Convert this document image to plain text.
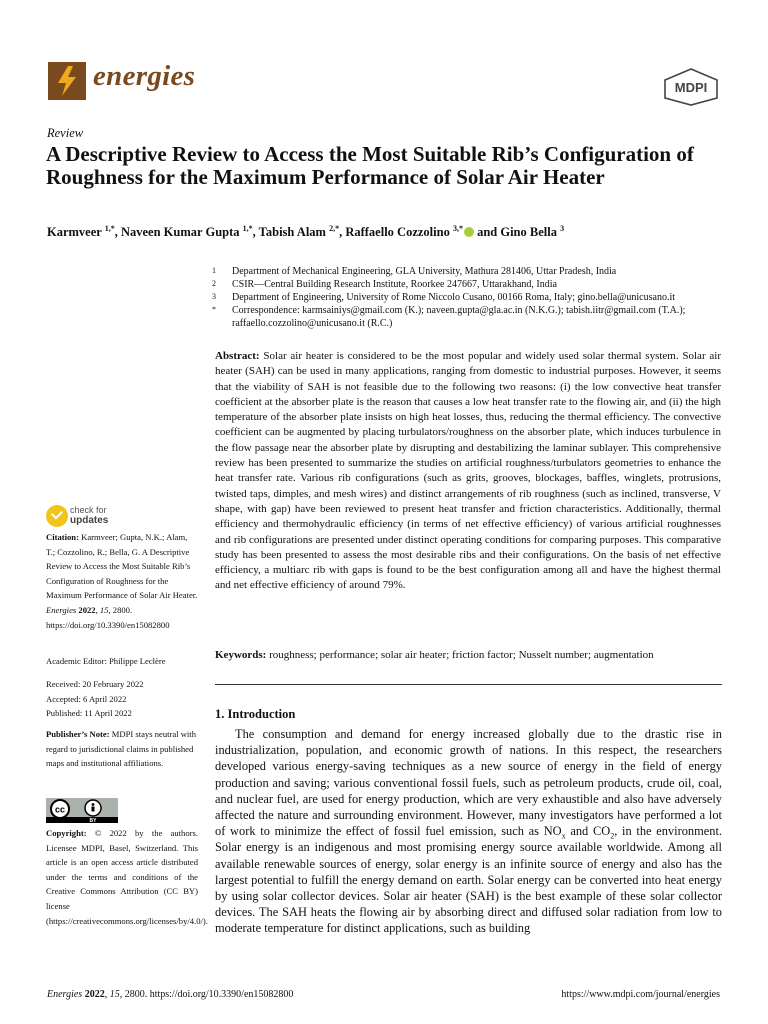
energies	MDPI
Review
A Descriptive Review to Access the Most Suitable Rib’s Configuration of Roughness for the Maximum Performance of Solar Air Heater
Karmveer $^{1,*}$, Naveen Kumar Gupta $^{1,*}$, Tabish Alam $^{2,*}$, Raffaello Cozzolino $^{3,*}$ and Gino Bella $^3$
1	Department of Mechanical Engineering, GLA University, Mathura 281406, Uttar Pradesh, India
2	CSIR—Central Building Research Institute, Roorkee 247667, Uttarakhand, India
3	Department of Engineering, University of Rome Niccolo Cusano, 00166 Roma, Italy; gino.bella@unicusano.it
*	Correspondence: karmsainiys@gmail.com (K.); naveen.gupta@gla.ac.in (N.K.G.); tabish.iitr@gmail.com (T.A.); raffaello.cozzolino@unicusano.it (R.C.)

Abstract: Solar air heater is considered to be the most popular and widely used solar thermal system. Solar air heater (SAH) can be used in many applications, ranging from domestic to industrial purposes. However, it seems that the viability of SAH is not feasible due to the following two reasons: (i) the low convective heat transfer coefficient at the absorber plate is the reason that causes a low heat transfer rate to the flowing air, and (ii) the high temperature of the absorber plate insists on high heat losses, thus, reducing the thermal efficiency. The convective coefficient can be augmented by placing turbulators/roughness on the absorber plate, which induces turbulence in the flow passage near the absorber plate by disrupting and destabilizing the laminar sublayer. This comprehensive review has been presented to summarize the studies on artificial roughness/turbulators geometries to enhance the heat transfer rate. Various rib configurations (such as grits, grooves, blockages, baffles, winglets, protrusions, twisted taps, dimples, and mesh wires) and distinct arrangements of rib roughness (such as inclined, transverse, V shape, with gap) have been reviewed to present heat transfer and friction characteristics. Additionally, thermal efficiency and thermohydraulic efficiency (in terms of net effective efficiency) of various artificial roughnesses and rib configurations are presented under distinct operating conditions for comparing purposes. This comparative study has been presented to assess the most desirable ribs and their configurations. On the basis of net effective efficiency, a multiarc rib with gaps is found to be the best configuration among all and have the highest thermal and net effective efficiency of around 79%.

Keywords: roughness; performance; solar air heater; friction factor; Nusselt number; augmentation

1. Introduction

The consumption and demand for energy increased globally due to the drastic rise in industrialization, population, and economic growth of nations. In this respect, the researchers developed various energy-saving techniques as a new source of energy in the field of energy production and saving; various conventional fossil fuels, such as petroleum products, crude oil, coal, and nuclear fuel, are used for energy production, which are very exhaustible and also have adversely affected the nature and surrounding environment. However, many investigators have performed a lot of work to minimize the effect of fossil fuel emission, such as $NO_x$ and $CO_2$, in the environment. Solar energy is an indigenous and most promising energy source available worldwide. Among all available renewable sources of energy, solar energy is an infinite source of energy and also has the largest potential to fulfill the energy demand on earth. Solar energy can be converted into heat energy by using solar collector devices. Solar air heater (SAH) is the best example of these solar collector devices. The SAH heats the flowing air by absorbing direct and diffused solar radiation from low to moderate temperature for distinct applications, such as building

check for
updates

Citation: Karmveer; Gupta, N.K.; Alam, T.; Cozzolino, R.; Bella, G. A Descriptive Review to Access the Most Suitable Rib’s Configuration of Roughness for the Maximum Performance of Solar Air Heater. Energies 2022, 15, 2800. https://doi.org/10.3390/en15082800

Academic Editor: Philippe Leclère

Received: 20 February 2022
Accepted: 6 April 2022
Published: 11 April 2022

Publisher’s Note: MDPI stays neutral with regard to jurisdictional claims in published maps and institutional affiliations.

cc
BY

Copyright: © 2022 by the authors. Licensee MDPI, Basel, Switzerland. This article is an open access article distributed under the terms and conditions of the Creative Commons Attribution (CC BY) license (https://creativecommons.org/licenses/by/4.0/).

Energies 2022, 15, 2800. https://doi.org/10.3390/en15082800	https://www.mdpi.com/journal/energies
